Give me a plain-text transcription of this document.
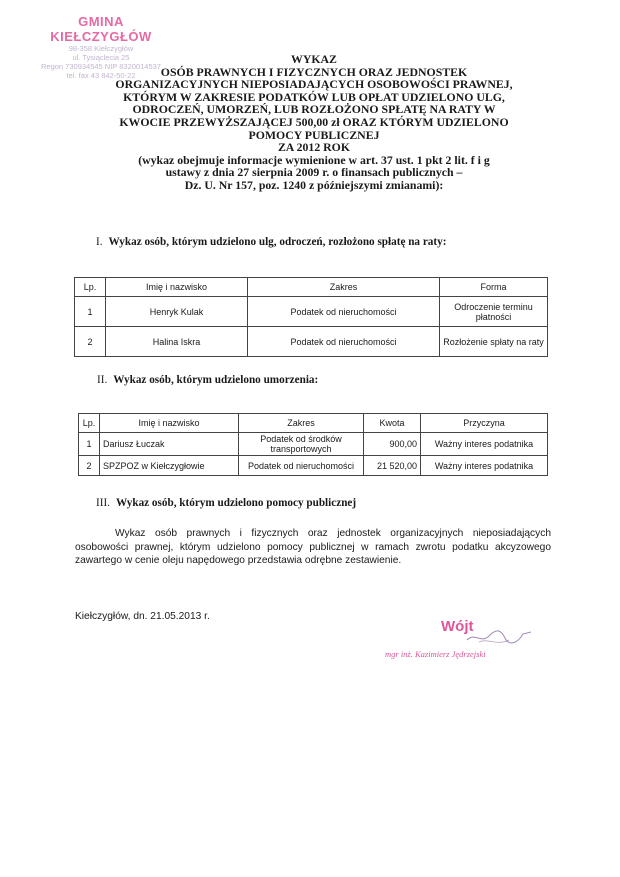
GMINA KIEŁCZYGŁÓW
98-358 Kiełczygłów
ul. Tysiąclecia 25
Regon 730934545 NIP 8320014537
tel. fax 43 842-50-22
WYKAZ
OSÓB PRAWNYCH I FIZYCZNYCH ORAZ JEDNOSTEK
ORGANIZACYJNYCH NIEPOSIADAJĄCYCH OSOBOWOŚCI PRAWNEJ,
KTÓRYM W ZAKRESIE PODATKÓW LUB OPŁAT UDZIELONO ULG,
ODROCZEŃ, UMORZEŃ, LUB ROZŁOŻONO SPŁATĘ NA RATY W
KWOCIE PRZEWYŻSZAJĄCEJ 500,00 zł ORAZ KTÓRYM UDZIELONO
POMOCY PUBLICZNEJ
ZA 2012 ROK
(wykaz obejmuje informacje wymienione w art. 37 ust. 1 pkt 2 lit. f i g
ustawy z dnia 27 sierpnia 2009 r. o finansach publicznych –
Dz. U. Nr 157, poz. 1240 z późniejszymi zmianami):
I. Wykaz osób, którym udzielono ulg, odroczeń, rozłożono spłatę na raty:
Lp.	Imię i nazwisko	Zakres	Forma
1	Henryk Kulak	Podatek od nieruchomości	Odroczenie terminu płatności
2	Halina Iskra	Podatek od nieruchomości	Rozłożenie spłaty na raty
II. Wykaz osób, którym udzielono umorzenia:
Lp.	Imię i nazwisko	Zakres	Kwota	Przyczyna
1	Dariusz Łuczak	Podatek od środków transportowych	900,00	Ważny interes podatnika
2	SPZPOZ w Kiełczygłowie	Podatek od nieruchomości	21 520,00	Ważny interes podatnika
III. Wykaz osób, którym udzielono pomocy publicznej
Wykaz osób prawnych i fizycznych oraz jednostek organizacyjnych nieposiadających osobowości prawnej, którym udzielono pomocy publicznej w ramach zwrotu podatku akcyzowego zawartego w cenie oleju napędowego przedstawia odrębne zestawienie.
Kiełczygłów, dn. 21.05.2013 r.
Wójt
mgr inż. Kazimierz Jędrzejski
